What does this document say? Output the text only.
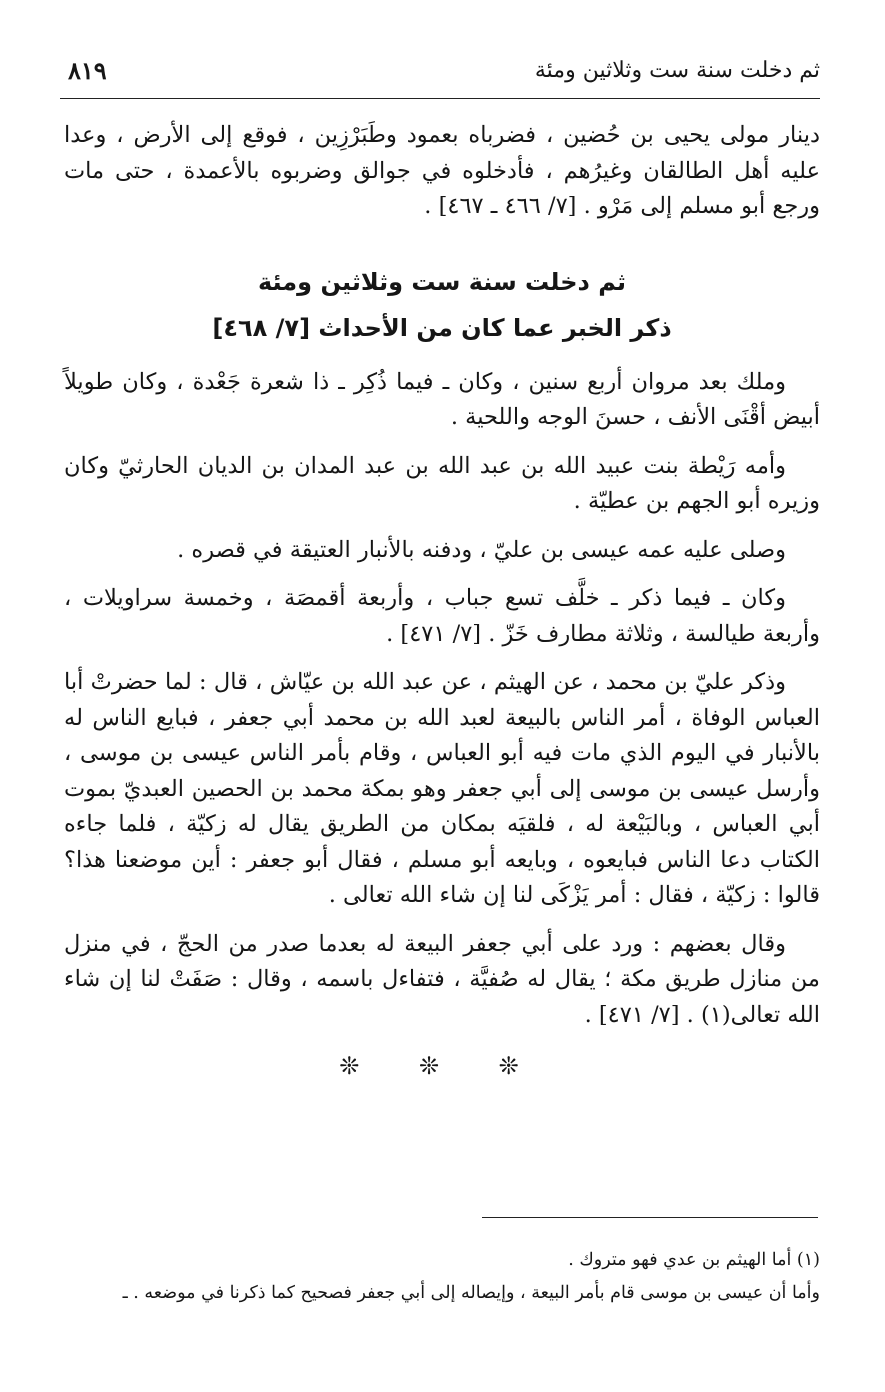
ثم دخلت سنة ست وثلاثين ومئة
٨١٩

دينار مولى يحيى بن حُضين ، فضرباه بعمود وطَبَرْزِين ، فوقع إلى الأرض ، وعدا عليه أهل الطالقان وغيرُهم ، فأدخلوه في جوالق وضربوه بالأعمدة ، حتى مات ورجع أبو مسلم إلى مَرْو . [٧/ ٤٦٦ ـ ٤٦٧] .

ثم دخلت سنة ست وثلاثين ومئة
ذكر الخبر عما كان من الأحداث [٧/ ٤٦٨]

وملك بعد مروان أربع سنين ، وكان ـ فيما ذُكِر ـ ذا شعرة جَعْدة ، وكان طويلاً أبيض أقْنَى الأنف ، حسنَ الوجه واللحية .

وأمه رَيْطة بنت عبيد الله بن عبد الله بن عبد المدان بن الديان الحارثيّ وكان وزيره أبو الجهم بن عطيّة .

وصلى عليه عمه عيسى بن عليّ ، ودفنه بالأنبار العتيقة في قصره .

وكان ـ فيما ذكر ـ خلَّف تسع جباب ، وأربعة أقمصَة ، وخمسة سراويلات ، وأربعة طيالسة ، وثلاثة مطارف خَزّ . [٧/ ٤٧١] .

وذكر عليّ بن محمد ، عن الهيثم ، عن عبد الله بن عيّاش ، قال : لما حضرتْ أبا العباس الوفاة ، أمر الناس بالبيعة لعبد الله بن محمد أبي جعفر ، فبايع الناس له بالأنبار في اليوم الذي مات فيه أبو العباس ، وقام بأمر الناس عيسى بن موسى ، وأرسل عيسى بن موسى إلى أبي جعفر وهو بمكة محمد بن الحصين العبديّ بموت أبي العباس ، وبالبَيْعة له ، فلقيَه بمكان من الطريق يقال له زكيّة ، فلما جاءه الكتاب دعا الناس فبايعوه ، وبايعه أبو مسلم ، فقال أبو جعفر : أين موضعنا هذا؟ قالوا : زكيّة ، فقال : أمر يَزْكَى لنا إن شاء الله تعالى .

وقال بعضهم : ورد على أبي جعفر البيعة له بعدما صدر من الحجّ ، في منزل من منازل طريق مكة ؛ يقال له صُفيَّة ، فتفاءل باسمه ، وقال : صَفَتْ لنا إن شاء الله تعالى(١) . [٧/ ٤٧١] .

❊ ❊ ❊
(١) أما الهيثم بن عدي فهو متروك .
وأما أن عيسى بن موسى قام بأمر البيعة ، وإيصاله إلى أبي جعفر فصحيح كما ذكرنا في موضعه . ـ
